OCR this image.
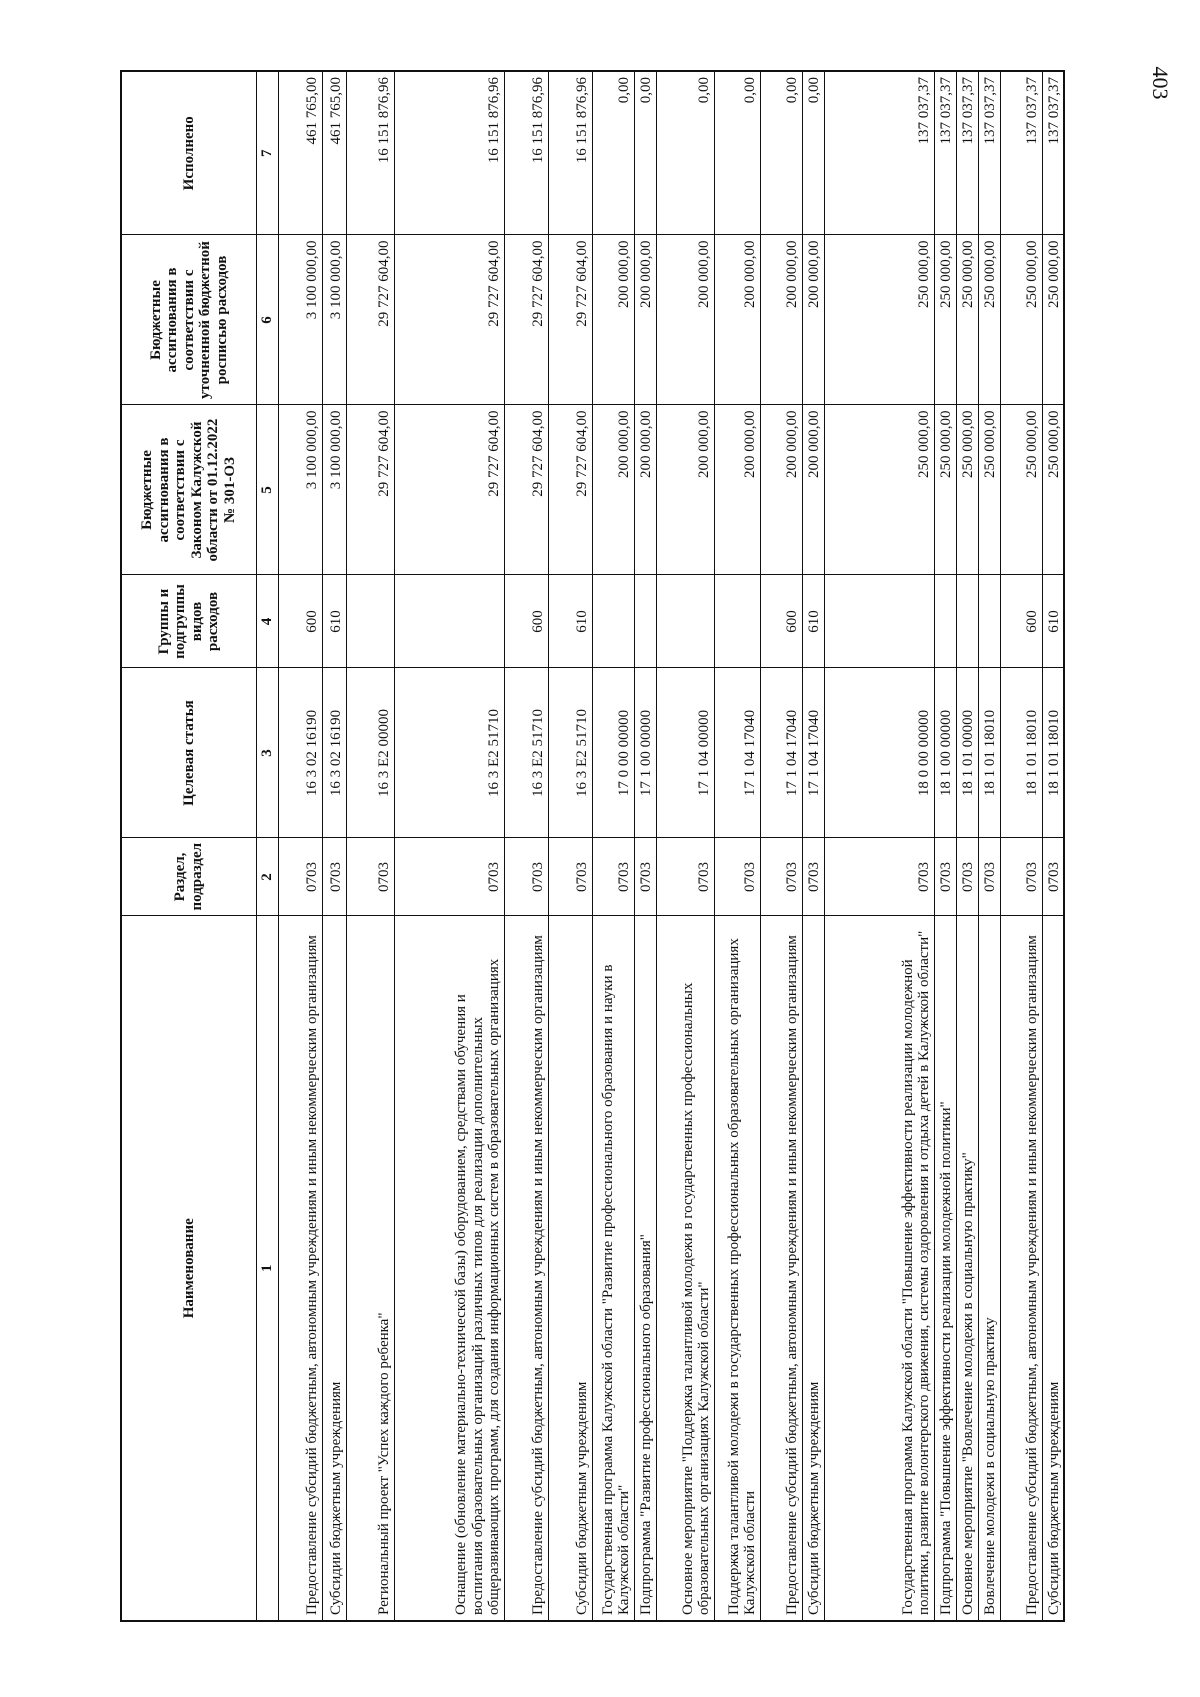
403
Наименование	Раздел, подраздел	Целевая статья	Группы и подгруппы видов расходов	Бюджетные ассигнования в соответствии с Законом Калужской области от 01.12.2022 № 301-ОЗ	Бюджетные ассигнования в соответствии с уточненной бюджетной росписью расходов	Исполнено
1	2	3	4	5	6	7
Предоставление субсидий бюджетным, автономным учреждениям и иным некоммерческим организациям	0703	16 3 02 16190	600	3 100 000,00	3 100 000,00	461 765,00
Субсидии бюджетным учреждениям	0703	16 3 02 16190	610	3 100 000,00	3 100 000,00	461 765,00
Региональный проект "Успех каждого ребенка"	0703	16 3 E2 00000		29 727 604,00	29 727 604,00	16 151 876,96
Оснащение (обновление материально-технической базы) оборудованием, средствами обучения и воспитания образовательных организаций различных типов для реализации дополнительных общеразвивающих программ, для создания информационных систем в образовательных организациях	0703	16 3 E2 51710		29 727 604,00	29 727 604,00	16 151 876,96
Предоставление субсидий бюджетным, автономным учреждениям и иным некоммерческим организациям	0703	16 3 E2 51710	600	29 727 604,00	29 727 604,00	16 151 876,96
Субсидии бюджетным учреждениям	0703	16 3 E2 51710	610	29 727 604,00	29 727 604,00	16 151 876,96
Государственная программа Калужской области "Развитие профессионального образования и науки в Калужской области"	0703	17 0 00 00000		200 000,00	200 000,00	0,00
Подпрограмма "Развитие профессионального образования"	0703	17 1 00 00000		200 000,00	200 000,00	0,00
Основное мероприятие "Поддержка талантливой молодежи в государственных профессиональных образовательных организациях Калужской области"	0703	17 1 04 00000		200 000,00	200 000,00	0,00
Поддержка талантливой молодежи в государственных профессиональных образовательных организациях Калужской области	0703	17 1 04 17040		200 000,00	200 000,00	0,00
Предоставление субсидий бюджетным, автономным учреждениям и иным некоммерческим организациям	0703	17 1 04 17040	600	200 000,00	200 000,00	0,00
Субсидии бюджетным учреждениям	0703	17 1 04 17040	610	200 000,00	200 000,00	0,00
Государственная программа Калужской области "Повышение эффективности реализации молодежной политики, развитие волонтерского движения, системы оздоровления и отдыха детей в Калужской области"	0703	18 0 00 00000		250 000,00	250 000,00	137 037,37
Подпрограмма "Повышение эффективности реализации молодежной политики"	0703	18 1 00 00000		250 000,00	250 000,00	137 037,37
Основное мероприятие "Вовлечение молодежи в социальную практику"	0703	18 1 01 00000		250 000,00	250 000,00	137 037,37
Вовлечение молодежи в социальную практику	0703	18 1 01 18010		250 000,00	250 000,00	137 037,37
Предоставление субсидий бюджетным, автономным учреждениям и иным некоммерческим организациям	0703	18 1 01 18010	600	250 000,00	250 000,00	137 037,37
Субсидии бюджетным учреждениям	0703	18 1 01 18010	610	250 000,00	250 000,00	137 037,37
